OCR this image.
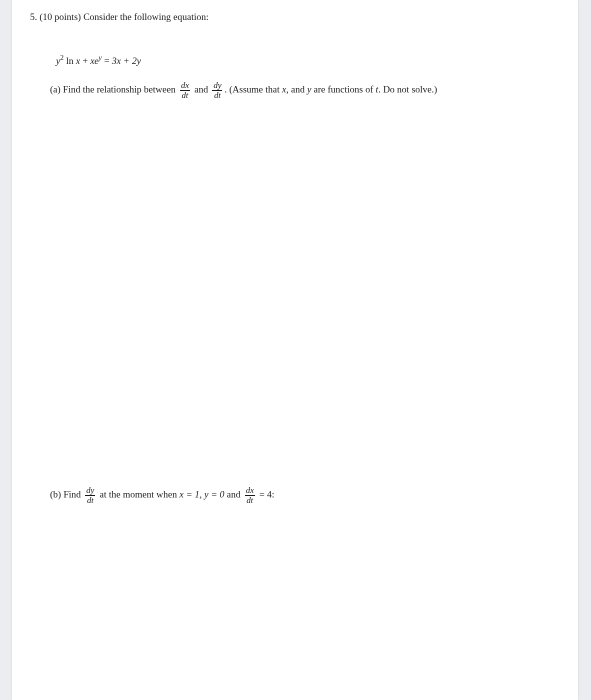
5. (10 points) Consider the following equation:
$y^2$ $\ln x + xe^y = 3x + 2y$
(a) Find the relationship between $\frac{dx}{dt}$ and $\frac{dy}{dt}$ . (Assume that x, and y are functions of t. Do not solve.)
(b) Find $\frac{dy}{dt}$ at the moment when x = 1, y = 0 and $\frac{dx}{dt} = 4$:
